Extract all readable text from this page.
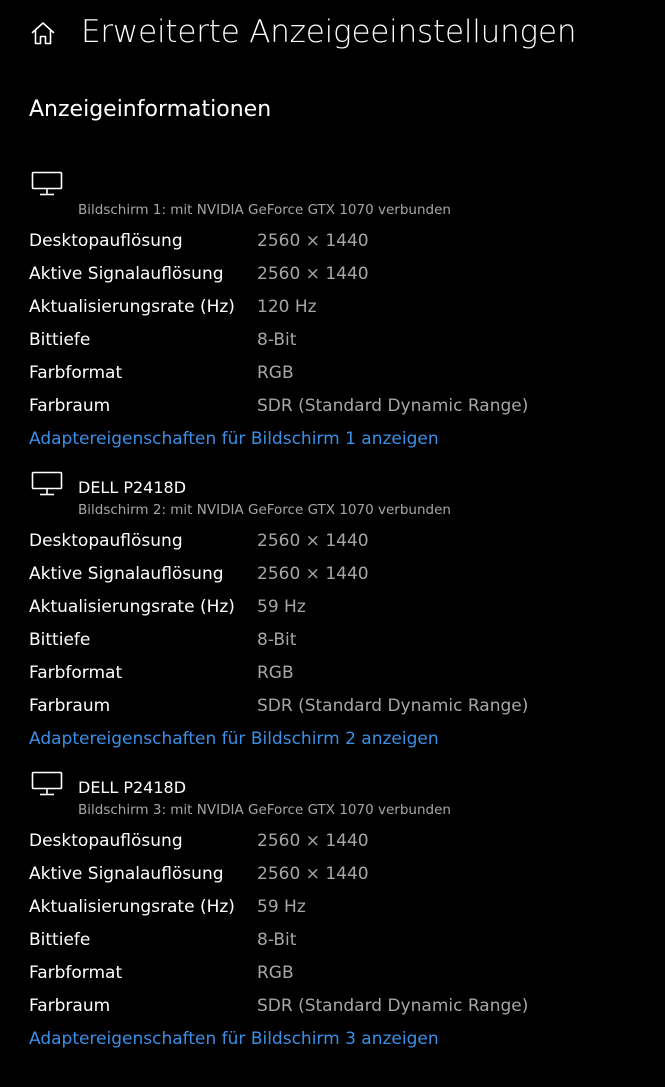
Erweiterte Anzeigeeinstellungen
Anzeigeinformationen
Bildschirm 1: mit NVIDIA GeForce GTX 1070 verbunden
Desktopauflösung	2560 × 1440
Aktive Signalauflösung 2560 × 1440
Aktualisierungsrate (Hz) 120 Hz
Bittiefe	8-Bit
Farbformat	RGB
Farbraum	SDR (Standard Dynamic Range)
Adaptereigenschaften für Bildschirm 1 anzeigen
DELL P2418D
Bildschirm 2: mit NVIDIA GeForce GTX 1070 verbunden
Desktopauflösung	2560 × 1440
Aktive Signalauflösung 2560 × 1440
Aktualisierungsrate (Hz) 59 Hz
Bittiefe	8-Bit
Farbformat	RGB
Farbraum	SDR (Standard Dynamic Range)
Adaptereigenschaften für Bildschirm 2 anzeigen
DELL P2418D
Bildschirm 3: mit NVIDIA GeForce GTX 1070 verbunden
Desktopauflösung	2560 × 1440
Aktive Signalauflösung 2560 × 1440
Aktualisierungsrate (Hz) 59 Hz
Bittiefe	8-Bit
Farbformat	RGB
Farbraum	SDR (Standard Dynamic Range)
Adaptereigenschaften für Bildschirm 3 anzeigen
